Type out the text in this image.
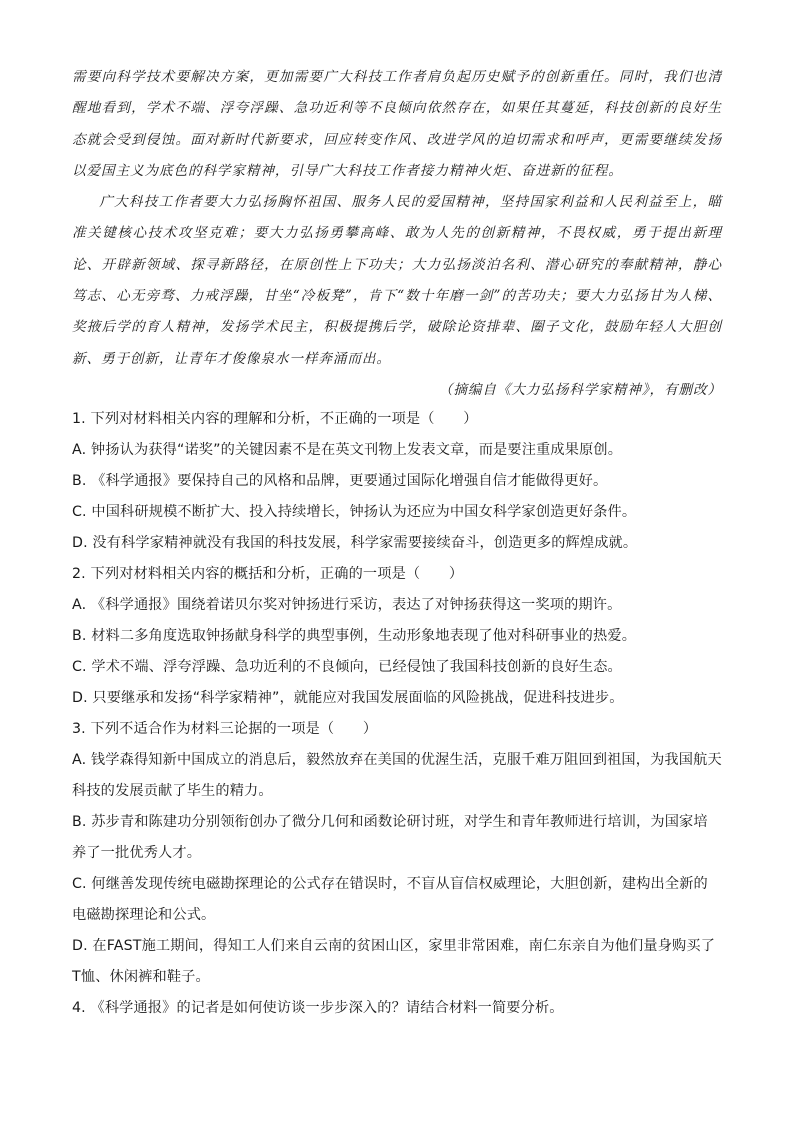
需要向科学技术要解决方案，更加需要广大科技工作者肩负起历史赋予的创新重任。同时，我们也清醒地看到，学术不端、浮夸浮躁、急功近利等不良倾向依然存在，如果任其蔓延，科技创新的良好生态就会受到侵蚀。面对新时代新要求，回应转变作风、改进学风的迫切需求和呼声，更需要继续发扬以爱国主义为底色的科学家精神，引导广大科技工作者接力精神火炬、奋进新的征程。

广大科技工作者要大力弘扬胸怀祖国、服务人民的爱国精神，坚持国家利益和人民利益至上，瞄准关键核心技术攻坚克难；要大力弘扬勇攀高峰、敢为人先的创新精神，不畏权威，勇于提出新理论、开辟新领域、探寻新路径，在原创性上下功夫；大力弘扬淡泊名利、潜心研究的奉献精神，静心笃志、心无旁骛、力戒浮躁，甘坐“冷板凳”，肯下“数十年磨一剑”的苦功夫；要大力弘扬甘为人梯、奖掖后学的育人精神，发扬学术民主，积极提携后学，破除论资排辈、圈子文化，鼓励年轻人大胆创新、勇于创新，让青年才俊像泉水一样奔涌而出。

（摘编自《大力弘扬科学家精神》，有删改）

1. 下列对材料相关内容的理解和分析，不正确的一项是（　　）

A. 钟扬认为获得“诺奖”的关键因素不是在英文刊物上发表文章，而是要注重成果原创。

B. 《科学通报》要保持自己的风格和品牌，更要通过国际化增强自信才能做得更好。

C. 中国科研规模不断扩大、投入持续增长，钟扬认为还应为中国女科学家创造更好条件。

D. 没有科学家精神就没有我国的科技发展，科学家需要接续奋斗，创造更多的辉煌成就。

2. 下列对材料相关内容的概括和分析，正确的一项是（　　）

A. 《科学通报》围绕着诺贝尔奖对钟扬进行采访，表达了对钟扬获得这一奖项的期许。

B. 材料二多角度选取钟扬献身科学的典型事例，生动形象地表现了他对科研事业的热爱。

C. 学术不端、浮夸浮躁、急功近利的不良倾向，已经侵蚀了我国科技创新的良好生态。

D. 只要继承和发扬“科学家精神”，就能应对我国发展面临的风险挑战，促进科技进步。

3. 下列不适合作为材料三论据的一项是（　　）

A. 钱学森得知新中国成立的消息后，毅然放弃在美国的优渥生活，克服千难万阻回到祖国，为我国航天科技的发展贡献了毕生的精力。

B. 苏步青和陈建功分别领衔创办了微分几何和函数论研讨班，对学生和青年教师进行培训，为国家培养了一批优秀人才。

C. 何继善发现传统电磁勘探理论的公式存在错误时，不盲从盲信权威理论，大胆创新，建构出全新的电磁勘探理论和公式。

D. 在FAST施工期间，得知工人们来自云南的贫困山区，家里非常困难，南仁东亲自为他们量身购买了T恤、休闲裤和鞋子。

4. 《科学通报》的记者是如何使访谈一步步深入的？请结合材料一简要分析。
